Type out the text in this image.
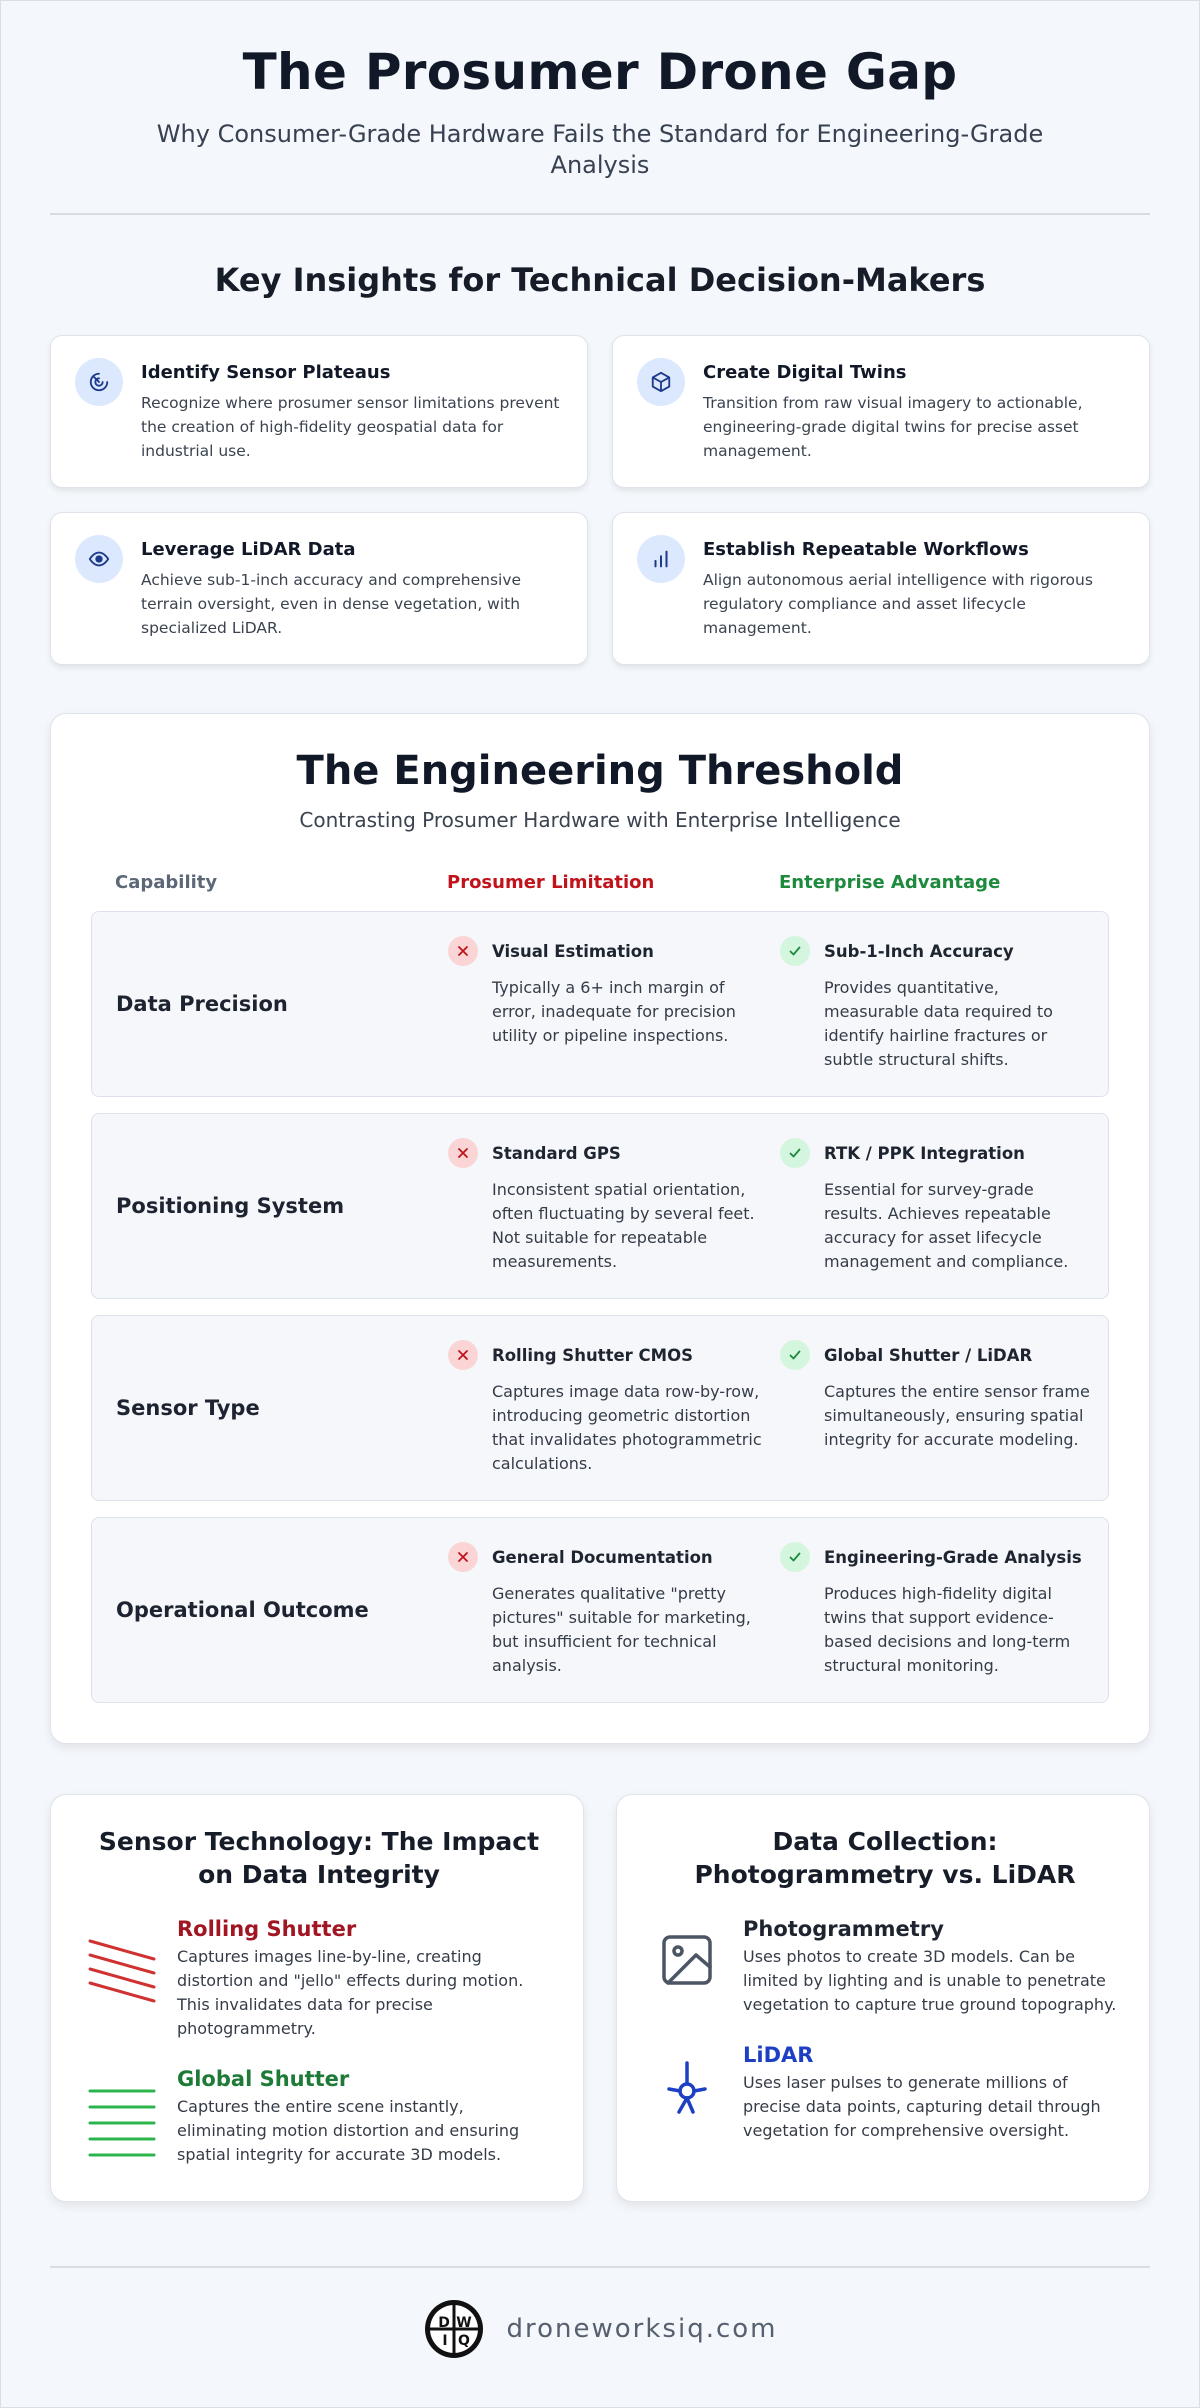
The Prosumer Drone Gap

Why Consumer-Grade Hardware Fails the Standard for Engineering-Grade Analysis

Key Insights for Technical Decision-Makers
Identify Sensor Plateaus

Recognize where prosumer sensor limitations prevent the creation of high-fidelity geospatial data for industrial use.

Create Digital Twins

Transition from raw visual imagery to actionable, engineering-grade digital twins for precise asset management.

Leverage LiDAR Data

Achieve sub-1-inch accuracy and comprehensive terrain oversight, even in dense vegetation, with specialized LiDAR.

Establish Repeatable Workflows

Align autonomous aerial intelligence with rigorous regulatory compliance and asset lifecycle management.

The Engineering Threshold

Contrasting Prosumer Hardware with Enterprise Intelligence

Capability	Prosumer Limitation	Enterprise Advantage
Data Precision
Visual Estimation

Typically a 6+ inch margin of error, inadequate for precision utility or pipeline inspections.

Sub-1-Inch Accuracy

Provides quantitative, measurable data required to identify hairline fractures or subtle structural shifts.

Positioning System
Standard GPS

Inconsistent spatial orientation, often fluctuating by several feet. Not suitable for repeatable measurements.

RTK / PPK Integration

Essential for survey-grade results. Achieves repeatable accuracy for asset lifecycle management and compliance.

Sensor Type
Rolling Shutter CMOS

Captures image data row-by-row, introducing geometric distortion that invalidates photogrammetric calculations.

Global Shutter / LiDAR

Captures the entire sensor frame simultaneously, ensuring spatial integrity for accurate modeling.

Operational Outcome
General Documentation

Generates qualitative "pretty pictures" suitable for marketing, but insufficient for technical analysis.

Engineering-Grade Analysis

Produces high-fidelity digital twins that support evidence-based decisions and long-term structural monitoring.

Sensor Technology: The Impact on Data Integrity
Rolling Shutter

Captures images line-by-line, creating distortion and "jello" effects during motion. This invalidates data for precise photogrammetry.

Global Shutter

Captures the entire scene instantly, eliminating motion distortion and ensuring spatial integrity for accurate 3D models.

Data Collection: Photogrammetry vs. LiDAR
Photogrammetry

Uses photos to create 3D models. Can be limited by lighting and is unable to penetrate vegetation to capture true ground topography.

LiDAR

Uses laser pulses to generate millions of precise data points, capturing detail through vegetation for comprehensive oversight.

D W
I Q droneworksiq.com
